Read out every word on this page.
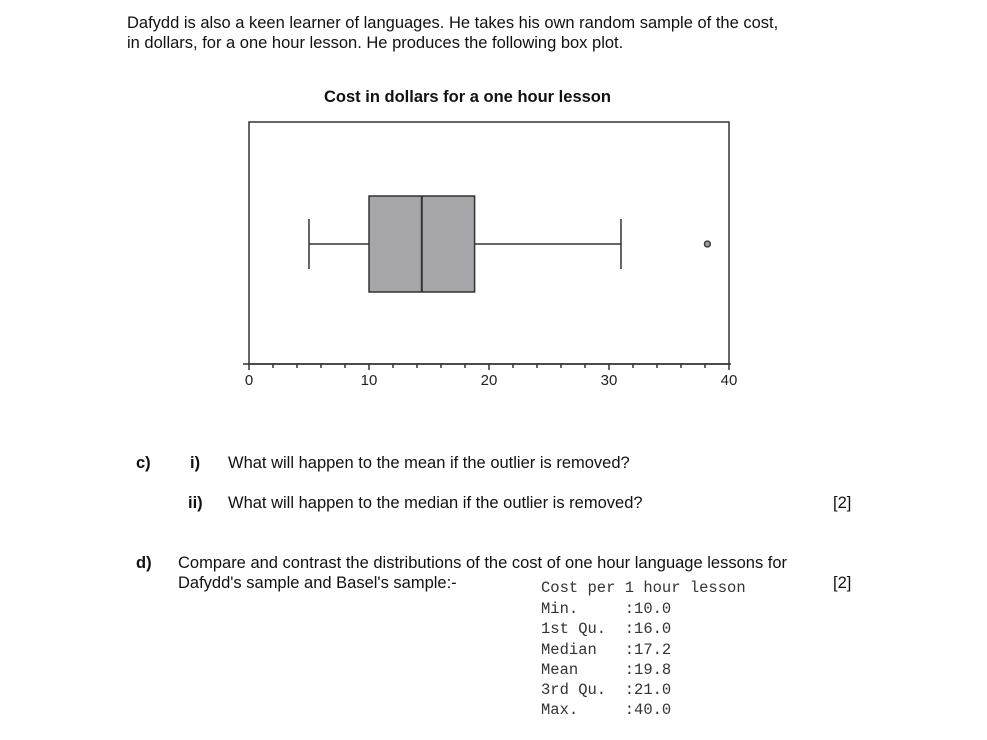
Dafydd is also a keen learner of languages. He takes his own random sample of the cost,
in dollars, for a one hour lesson. He produces the following box plot.
Cost in dollars for a one hour lesson
0	10	20	30	40
c) i) What will happen to the mean if the outlier is removed?
ii) What will happen to the median if the outlier is removed?	[2]
d) Compare and contrast the distributions of the cost of one hour language lessons for
Dafydd's sample and Basel's sample:-	[2]
Cost per 1 hour lesson
Min.     :10.0
1st Qu.  :16.0
Median   :17.2
Mean     :19.8
3rd Qu.  :21.0
Max.     :40.0
